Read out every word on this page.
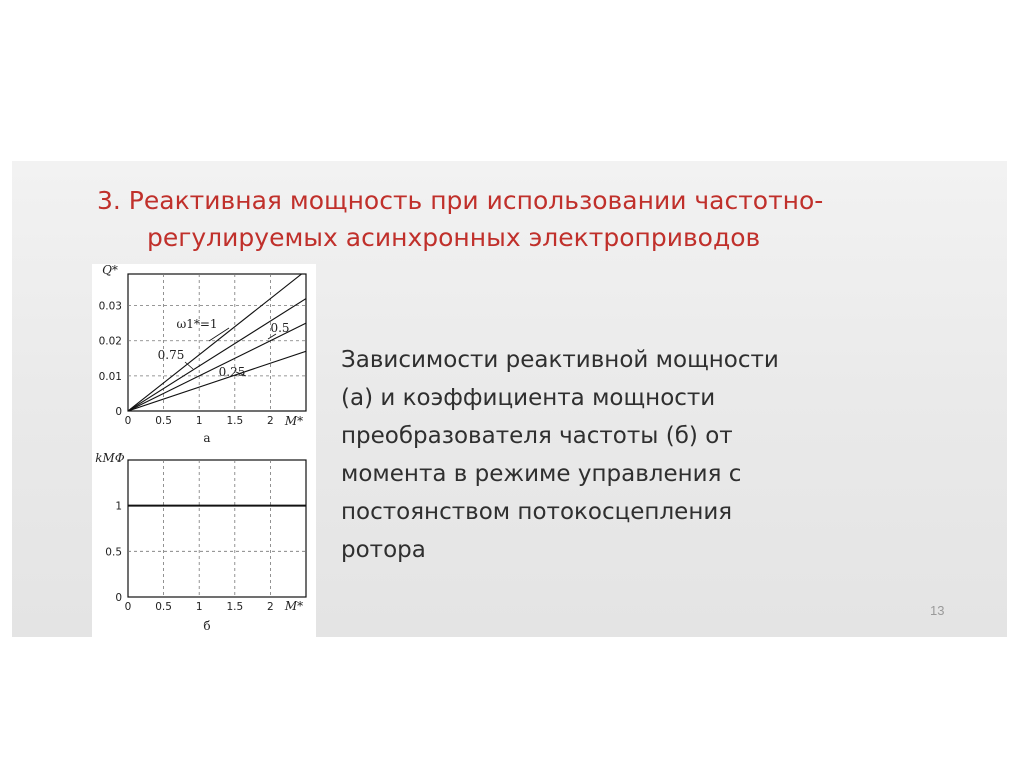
3. Реактивная мощность при использовании частотно-
регулируемых асинхронных электроприводов
0 0.5 1 1.5 2
0
0.01
0.02
0.03
ω1*=1
0.75
0.5
0.25
Q*
M*
а
0 0.5 1 1.5 2
0
0.5
1
kМФ
M*
б
Зависимости реактивной мощности
(а) и коэффициента мощности
преобразователя частоты (б) от
момента в режиме управления с
постоянством потокосцепления
ротора
13
